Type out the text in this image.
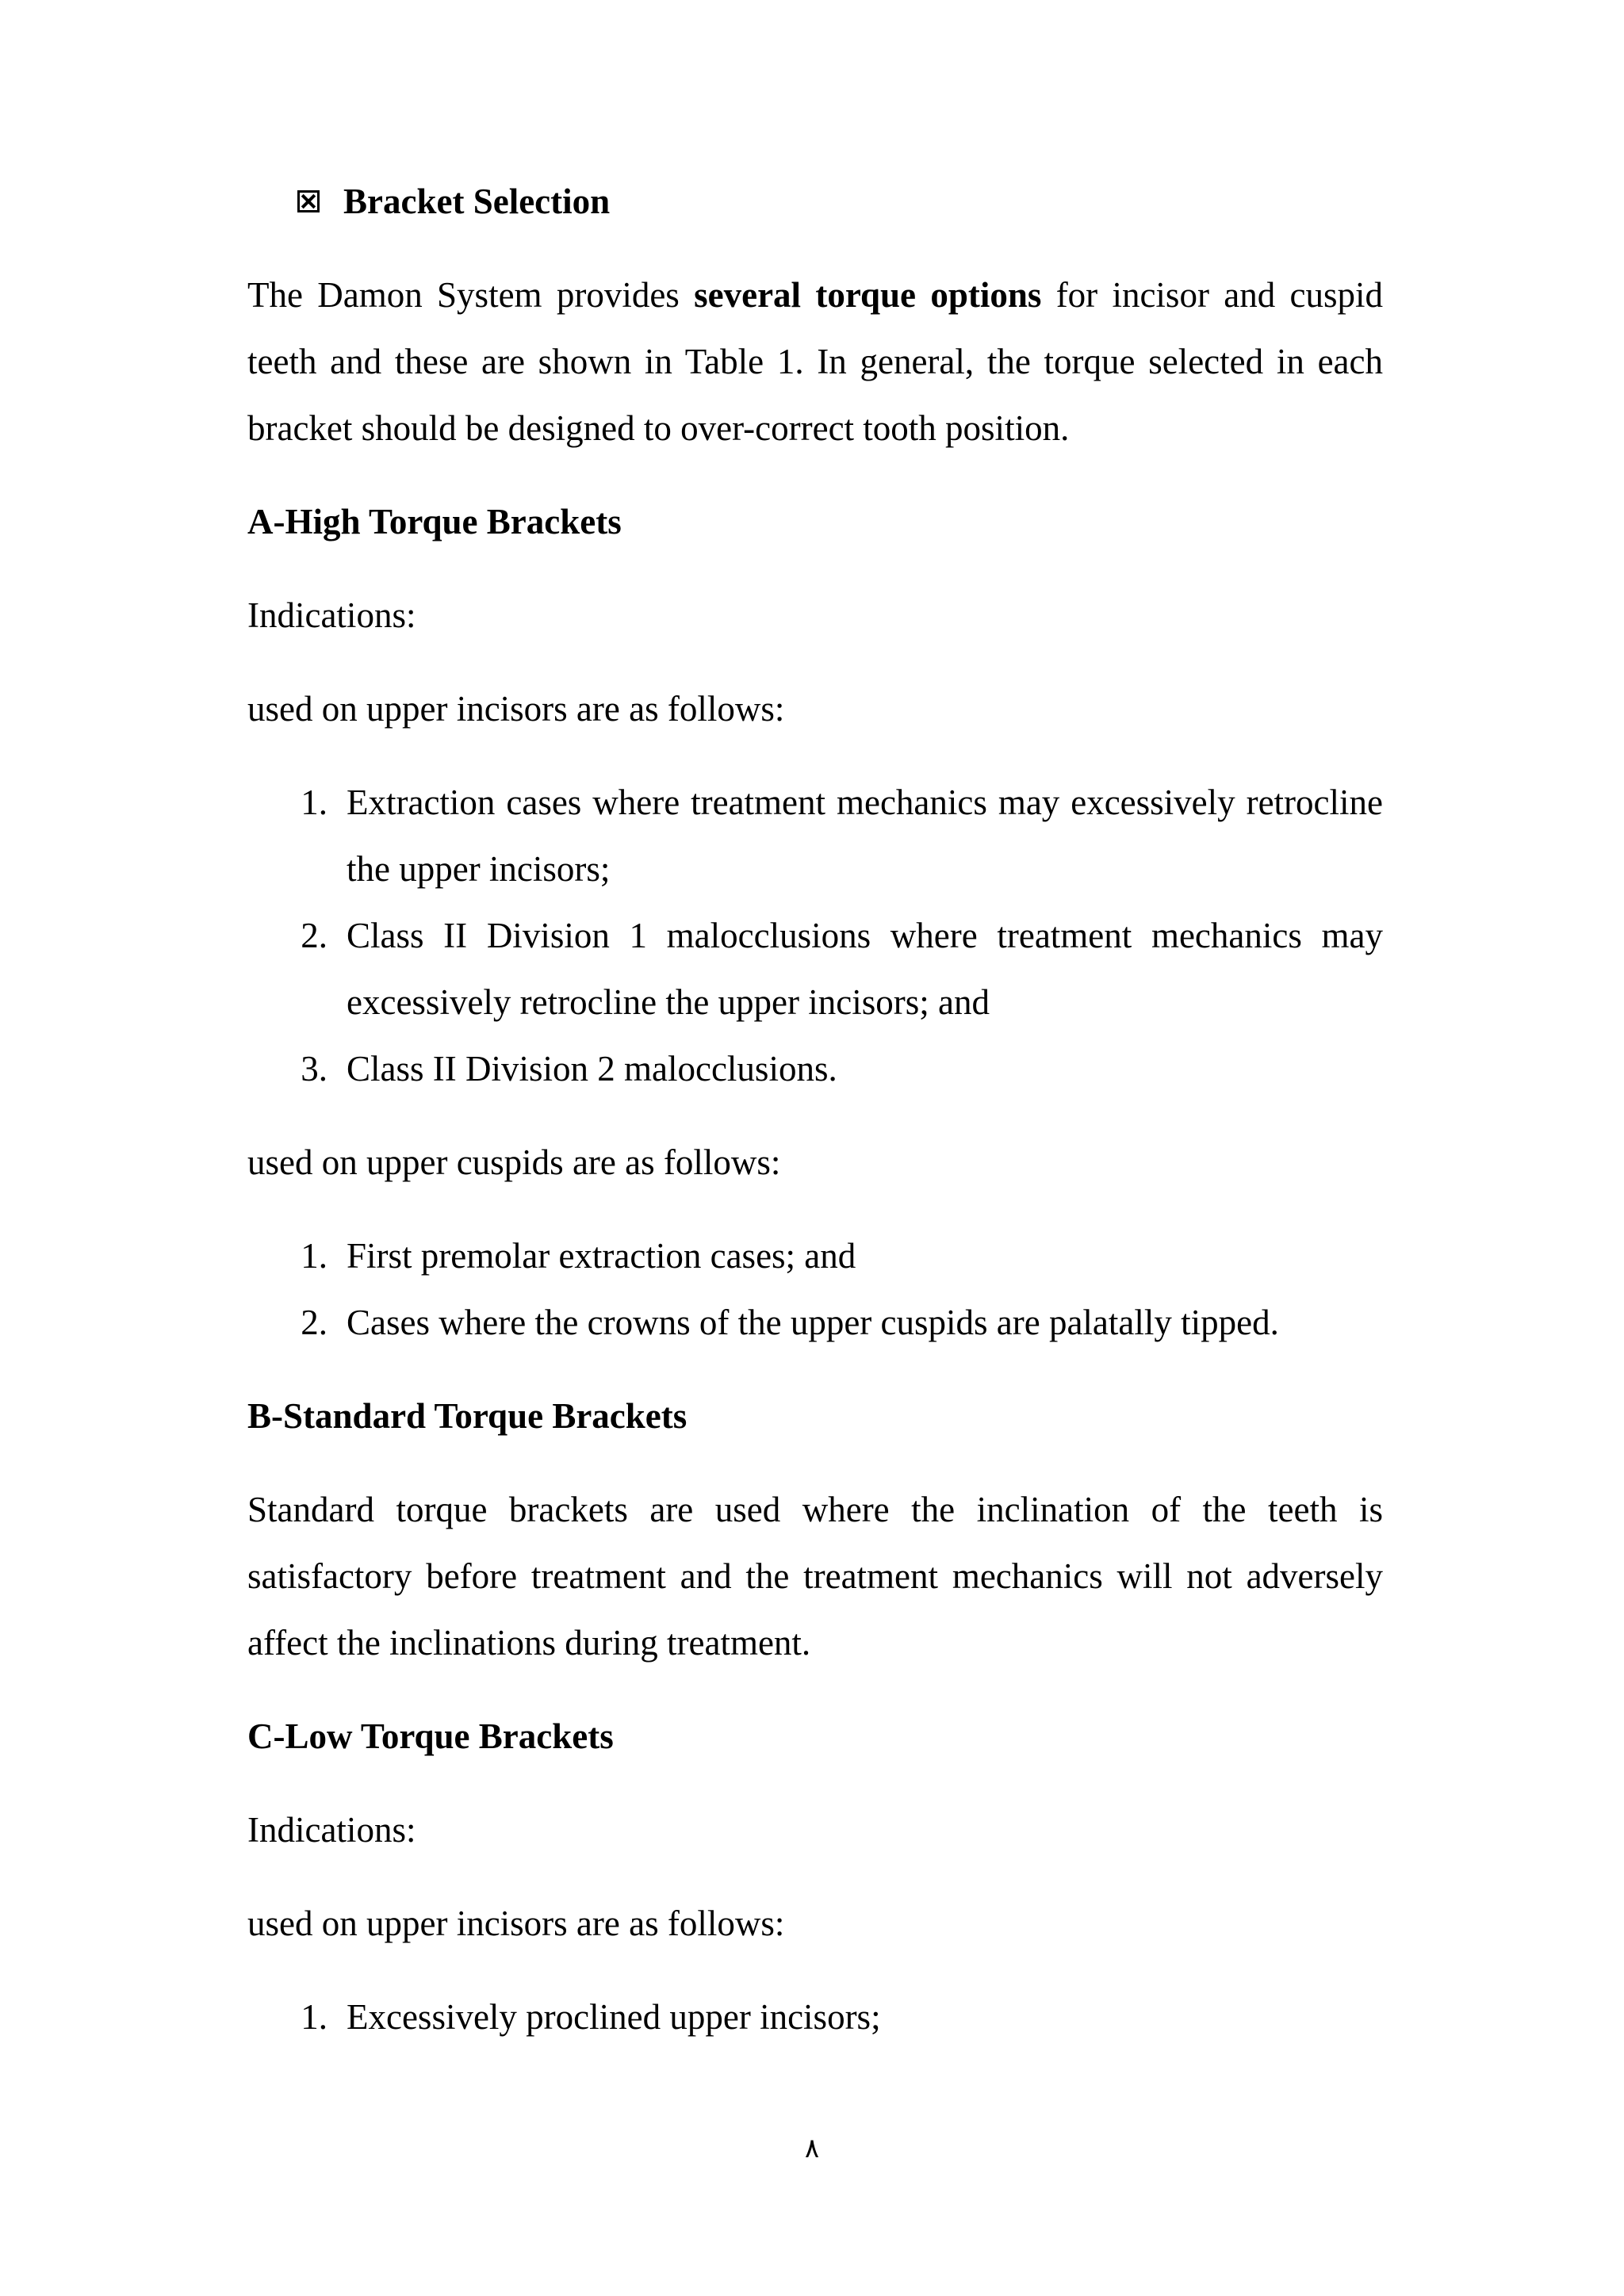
Bracket Selection

The Damon System provides several torque options for incisor and cuspid teeth and these are shown in Table 1. In general, the torque selected in each bracket should be designed to over-correct tooth position.

A-High Torque Brackets
Indications:
used on upper incisors are as follows:
1. Extraction cases where treatment mechanics may excessively retrocline the upper incisors;
2. Class II Division 1 malocclusions where treatment mechanics may excessively retrocline the upper incisors; and
3. Class II Division 2 malocclusions.
used on upper cuspids are as follows:
1. First premolar extraction cases; and
2. Cases where the crowns of the upper cuspids are palatally tipped.
B-Standard Torque Brackets

Standard torque brackets are used where the inclination of the teeth is satisfactory before treatment and the treatment mechanics will not adversely affect the inclinations during treatment.

C-Low Torque Brackets
Indications:
used on upper incisors are as follows:
1. Excessively proclined upper incisors;
٨
